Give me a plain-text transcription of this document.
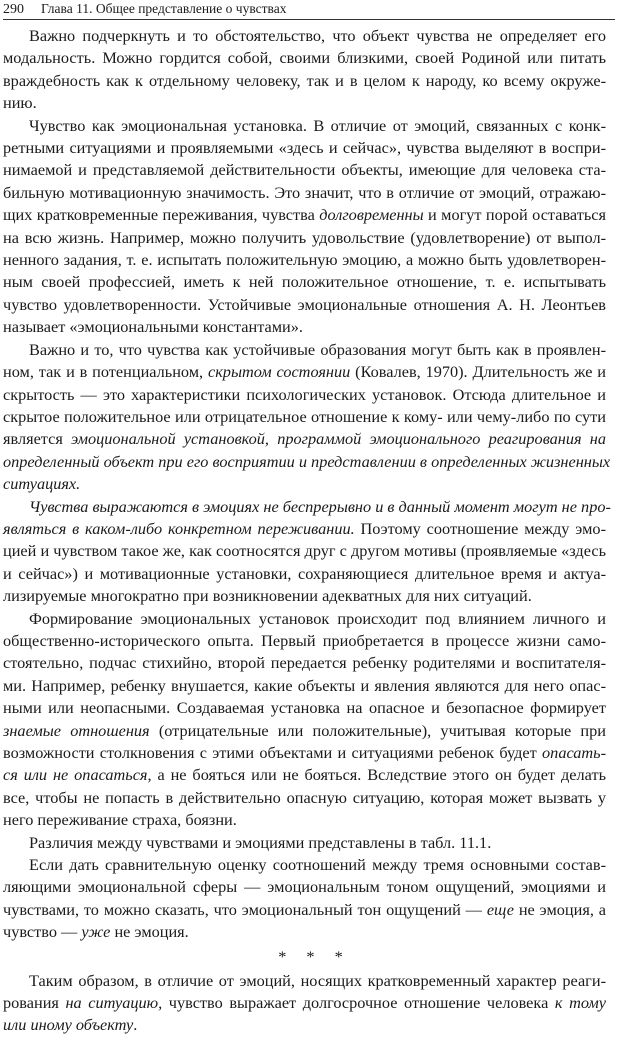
290 Глава 11. Общее представление о чувствах
Важно подчеркнуть и то обстоятельство, что объект чувства не определяет его
модальность. Можно гордится собой, своими близкими, своей Родиной или питать
враждебность как к отдельному человеку, так и в целом к народу, ко всему окруже-
нию.
Чувство как эмоциональная установка. В отличие от эмоций, связанных с конк-
ретными ситуациями и проявляемыми «здесь и сейчас», чувства выделяют в воспри-
нимаемой и представляемой действительности объекты, имеющие для человека ста-
бильную мотивационную значимость. Это значит, что в отличие от эмоций, отражаю-
щих кратковременные переживания, чувства долговременны и могут порой оставаться
на всю жизнь. Например, можно получить удовольствие (удовлетворение) от выпол-
ненного задания, т. е. испытать положительную эмоцию, а можно быть удовлетворен-
ным своей профессией, иметь к ней положительное отношение, т. е. испытывать
чувство удовлетворенности. Устойчивые эмоциональные отношения А. Н. Леонтьев
называет «эмоциональными константами».
Важно и то, что чувства как устойчивые образования могут быть как в проявлен-
ном, так и в потенциальном, скрытом состоянии (Ковалев, 1970). Длительность же и
скрытость — это характеристики психологических установок. Отсюда длительное и
скрытое положительное или отрицательное отношение к кому- или чему-либо по сути
является эмоциональной установкой, программой эмоционального реагирования на
определенный объект при его восприятии и представлении в определенных жизненных
ситуациях.
Чувства выражаются в эмоциях не беспрерывно и в данный момент могут не про-
являться в каком-либо конкретном переживании. Поэтому соотношение между эмо-
цией и чувством такое же, как соотносятся друг с другом мотивы (проявляемые «здесь
и сейчас») и мотивационные установки, сохраняющиеся длительное время и актуа-
лизируемые многократно при возникновении адекватных для них ситуаций.
Формирование эмоциональных установок происходит под влиянием личного и
общественно-исторического опыта. Первый приобретается в процессе жизни само-
стоятельно, подчас стихийно, второй передается ребенку родителями и воспитателя-
ми. Например, ребенку внушается, какие объекты и явления являются для него опас-
ными или неопасными. Создаваемая установка на опасное и безопасное формирует
знаемые отношения (отрицательные или положительные), учитывая которые при
возможности столкновения с этими объектами и ситуациями ребенок будет опасать-
ся или не опасаться, а не бояться или не бояться. Вследствие этого он будет делать
все, чтобы не попасть в действительно опасную ситуацию, которая может вызвать у
него переживание страха, боязни.
Различия между чувствами и эмоциями представлены в табл. 11.1.
Если дать сравнительную оценку соотношений между тремя основными состав-
ляющими эмоциональной сферы — эмоциональным тоном ощущений, эмоциями и
чувствами, то можно сказать, что эмоциональный тон ощущений — еще не эмоция, а
чувство — уже не эмоция.
* * *
Таким образом, в отличие от эмоций, носящих кратковременный характер реаги-
рования на ситуацию, чувство выражает долгосрочное отношение человека к тому
или иному объекту.
